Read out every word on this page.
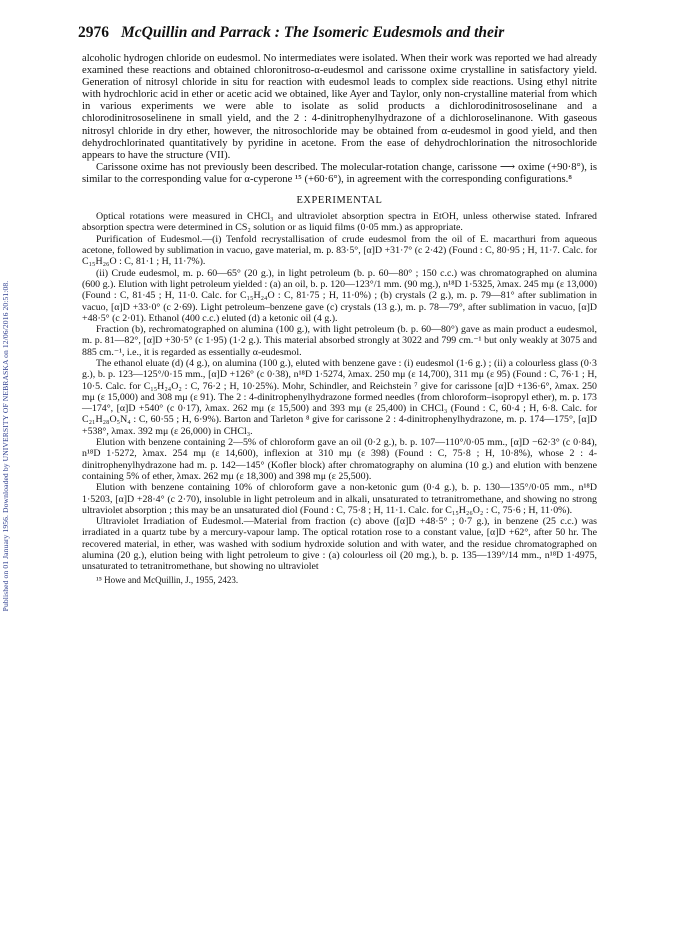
Published on 01 January 1956. Downloaded by UNIVERSITY OF NEBRASKA on 12/06/2016 20:51:08.
2976 McQuillin and Parrack : The Isomeric Eudesmols and their

alcoholic hydrogen chloride on eudesmol. No intermediates were isolated. When their work was reported we had already examined these reactions and obtained chloronitroso-α-eudesmol and carissone oxime crystalline in satisfactory yield. Generation of nitrosyl chloride in situ for reaction with eudesmol leads to complex side reactions. Using ethyl nitrite with hydrochloric acid in ether or acetic acid we obtained, like Ayer and Taylor, only non-crystalline material from which in various experiments we were able to isolate as solid products a dichlorodinitrososelinane and a chlorodinitrososelinene in small yield, and the 2 : 4-dinitrophenylhydrazone of a dichloroselinanone. With gaseous nitrosyl chloride in dry ether, however, the nitrosochloride may be obtained from α-eudesmol in good yield, and then dehydrochlorinated quantitatively by pyridine in acetone. From the ease of dehydrochlorination the nitrosochloride appears to have the structure (VII).

Carissone oxime has not previously been described. The molecular-rotation change, carissone ⟶ oxime (+90·8°), is similar to the corresponding value for α-cyperone ¹⁵ (+60·6°), in agreement with the corresponding configurations.⁸

EXPERIMENTAL

Optical rotations were measured in CHCl₃ and ultraviolet absorption spectra in EtOH, unless otherwise stated. Infrared absorption spectra were determined in CS₂ solution or as liquid films (0·05 mm.) as appropriate.

Purification of Eudesmol.—(i) Tenfold recrystallisation of crude eudesmol from the oil of E. macarthuri from aqueous acetone, followed by sublimation in vacuo, gave material, m. p. 83·5°, [α]D +31·7° (c 2·42) (Found : C, 80·95 ; H, 11·7. Calc. for C₁₅H₂₆O : C, 81·1 ; H, 11·7%).

(ii) Crude eudesmol, m. p. 60—65° (20 g.), in light petroleum (b. p. 60—80° ; 150 c.c.) was chromatographed on alumina (600 g.). Elution with light petroleum yielded : (a) an oil, b. p. 120—123°/1 mm. (90 mg.), n¹⁸D 1·5325, λmax. 245 mμ (ε 13,000) (Found : C, 81·45 ; H, 11·0. Calc. for C₁₅H₂₄O : C, 81·75 ; H, 11·0%) ; (b) crystals (2 g.), m. p. 79—81° after sublimation in vacuo, [α]D +33·0° (c 2·69). Light petroleum–benzene gave (c) crystals (13 g.), m. p. 78—79°, after sublimation in vacuo, [α]D +48·5° (c 2·01). Ethanol (400 c.c.) eluted (d) a ketonic oil (4 g.).

Fraction (b), rechromatographed on alumina (100 g.), with light petroleum (b. p. 60—80°) gave as main product a eudesmol, m. p. 81—82°, [α]D +30·5° (c 1·95) (1·2 g.). This material absorbed strongly at 3022 and 799 cm.⁻¹ but only weakly at 3075 and 885 cm.⁻¹, i.e., it is regarded as essentially α-eudesmol.

The ethanol eluate (d) (4 g.), on alumina (100 g.), eluted with benzene gave : (i) eudesmol (1·6 g.) ; (ii) a colourless glass (0·3 g.), b. p. 123—125°/0·15 mm., [α]D +126° (c 0·38), n¹⁸D 1·5274, λmax. 250 mμ (ε 14,700), 311 mμ (ε 95) (Found : C, 76·1 ; H, 10·5. Calc. for C₁₅H₂₄O₂ : C, 76·2 ; H, 10·25%). Mohr, Schindler, and Reichstein ⁷ give for carissone [α]D +136·6°, λmax. 250 mμ (ε 15,000) and 308 mμ (ε 91). The 2 : 4-dinitrophenylhydrazone formed needles (from chloroform–isopropyl ether), m. p. 173—174°, [α]D +540° (c 0·17), λmax. 262 mμ (ε 15,500) and 393 mμ (ε 25,400) in CHCl₃ (Found : C, 60·4 ; H, 6·8. Calc. for C₂₁H₂₈O₅N₄ : C, 60·55 ; H, 6·9%). Barton and Tarleton ⁸ give for carissone 2 : 4-dinitrophenylhydrazone, m. p. 174—175°, [α]D +538°, λmax. 392 mμ (ε 26,000) in CHCl₃.

Elution with benzene containing 2—5% of chloroform gave an oil (0·2 g.), b. p. 107—110°/0·05 mm., [α]D −62·3° (c 0·84), n¹⁸D 1·5272, λmax. 254 mμ (ε 14,600), inflexion at 310 mμ (ε 398) (Found : C, 75·8 ; H, 10·8%), whose 2 : 4-dinitrophenylhydrazone had m. p. 142—145° (Kofler block) after chromatography on alumina (10 g.) and elution with benzene containing 5% of ether, λmax. 262 mμ (ε 18,300) and 398 mμ (ε 25,500).

Elution with benzene containing 10% of chloroform gave a non-ketonic gum (0·4 g.), b. p. 130—135°/0·05 mm., n¹⁸D 1·5203, [α]D +28·4° (c 2·70), insoluble in light petroleum and in alkali, unsaturated to tetranitromethane, and showing no strong ultraviolet absorption ; this may be an unsaturated diol (Found : C, 75·8 ; H, 11·1. Calc. for C₁₅H₂₆O₂ : C, 75·6 ; H, 11·0%).

Ultraviolet Irradiation of Eudesmol.—Material from fraction (c) above ([α]D +48·5° ; 0·7 g.), in benzene (25 c.c.) was irradiated in a quartz tube by a mercury-vapour lamp. The optical rotation rose to a constant value, [α]D +62°, after 50 hr. The recovered material, in ether, was washed with sodium hydroxide solution and with water, and the residue chromatographed on alumina (20 g.), elution being with light petroleum to give : (a) colourless oil (20 mg.), b. p. 135—139°/14 mm., n¹⁸D 1·4975, unsaturated to tetranitromethane, but showing no ultraviolet

¹⁵ Howe and McQuillin, J., 1955, 2423.
